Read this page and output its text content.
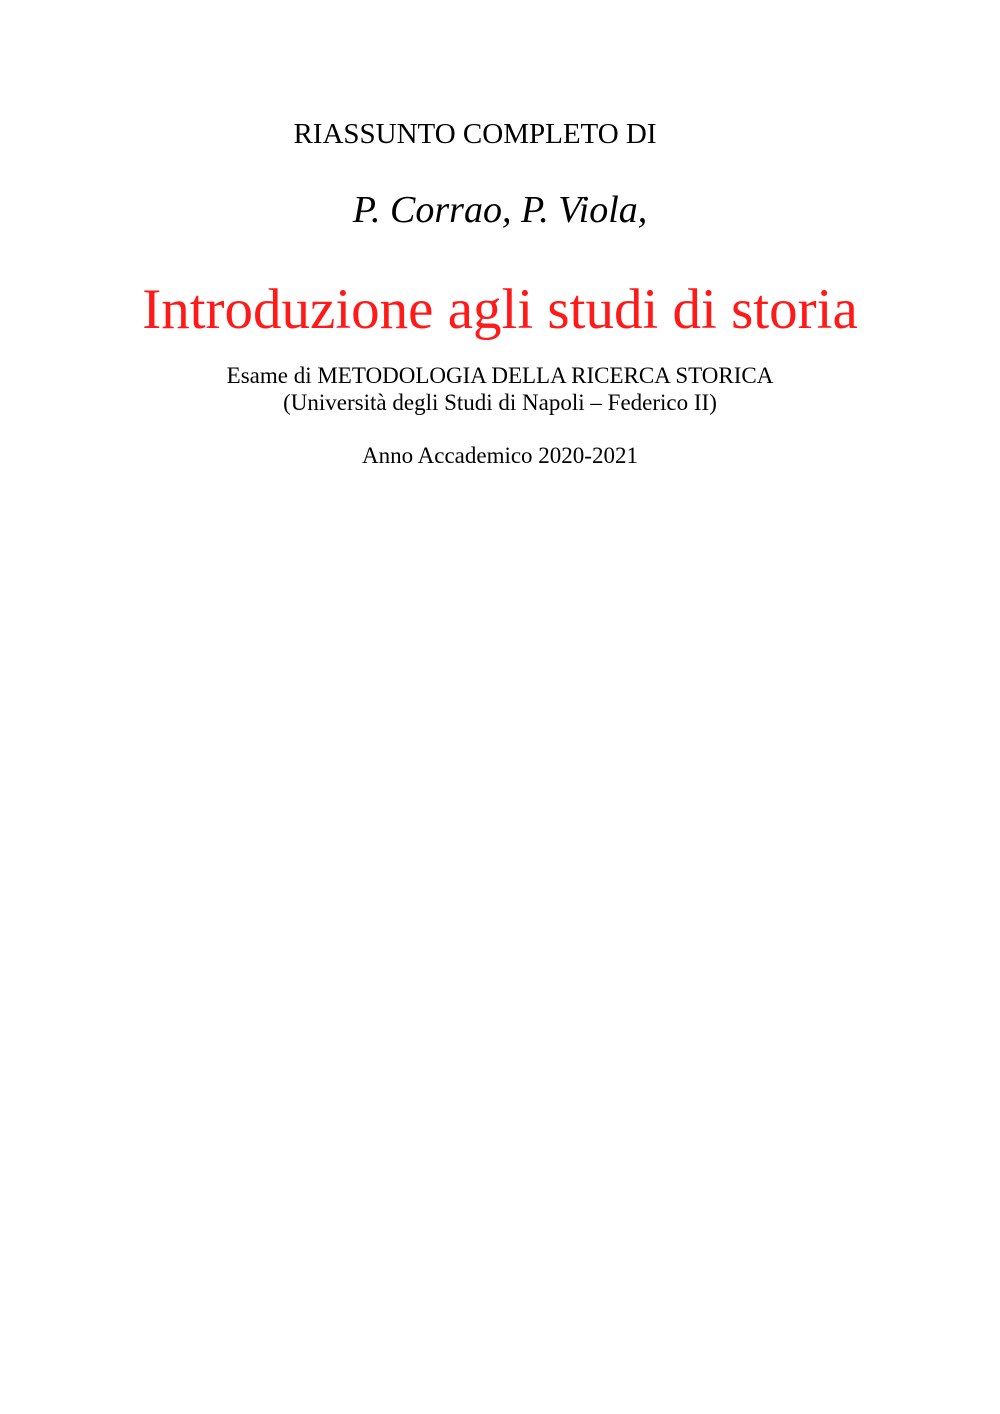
RIASSUNTO COMPLETO DI
P. Corrao, P. Viola,
Introduzione agli studi di storia
Esame di METODOLOGIA DELLA RICERCA STORICA
(Università degli Studi di Napoli – Federico II)
Anno Accademico 2020-2021
